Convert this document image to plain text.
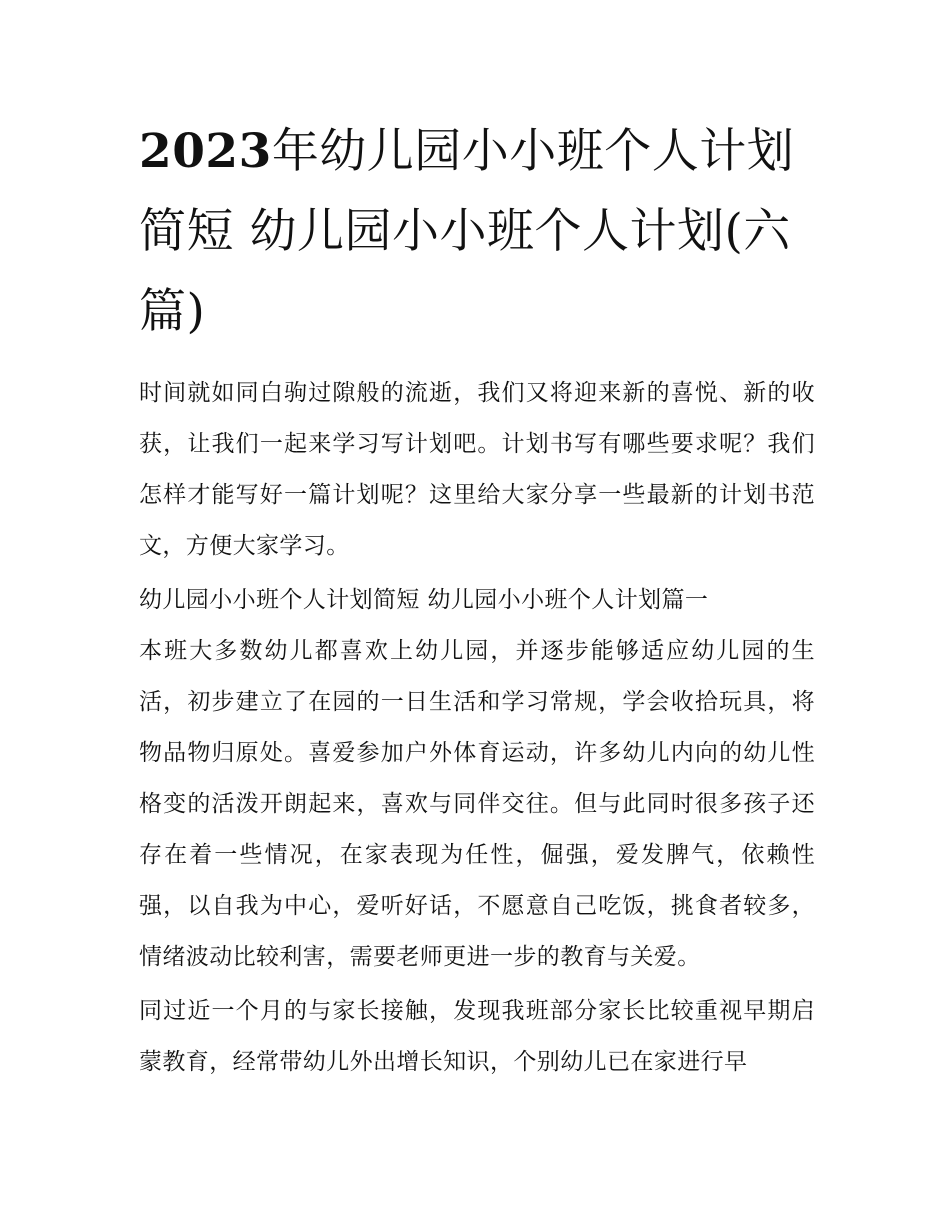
2023年幼儿园小小班个人计划简短 幼儿园小小班个人计划(六篇)

时间就如同白驹过隙般的流逝，我们又将迎来新的喜悦、新的收获，让我们一起来学习写计划吧。计划书写有哪些要求呢？我们怎样才能写好一篇计划呢？这里给大家分享一些最新的计划书范文，方便大家学习。

幼儿园小小班个人计划简短 幼儿园小小班个人计划篇一

本班大多数幼儿都喜欢上幼儿园，并逐步能够适应幼儿园的生活，初步建立了在园的一日生活和学习常规，学会收拾玩具，将物品物归原处。喜爱参加户外体育运动，许多幼儿内向的幼儿性格变的活泼开朗起来，喜欢与同伴交往。但与此同时很多孩子还存在着一些情况，在家表现为任性，倔强，爱发脾气，依赖性强，以自我为中心，爱听好话，不愿意自己吃饭，挑食者较多，情绪波动比较利害，需要老师更进一步的教育与关爱。

同过近一个月的与家长接触，发现我班部分家长比较重视早期启蒙教育，经常带幼儿外出增长知识，个别幼儿已在家进行早
